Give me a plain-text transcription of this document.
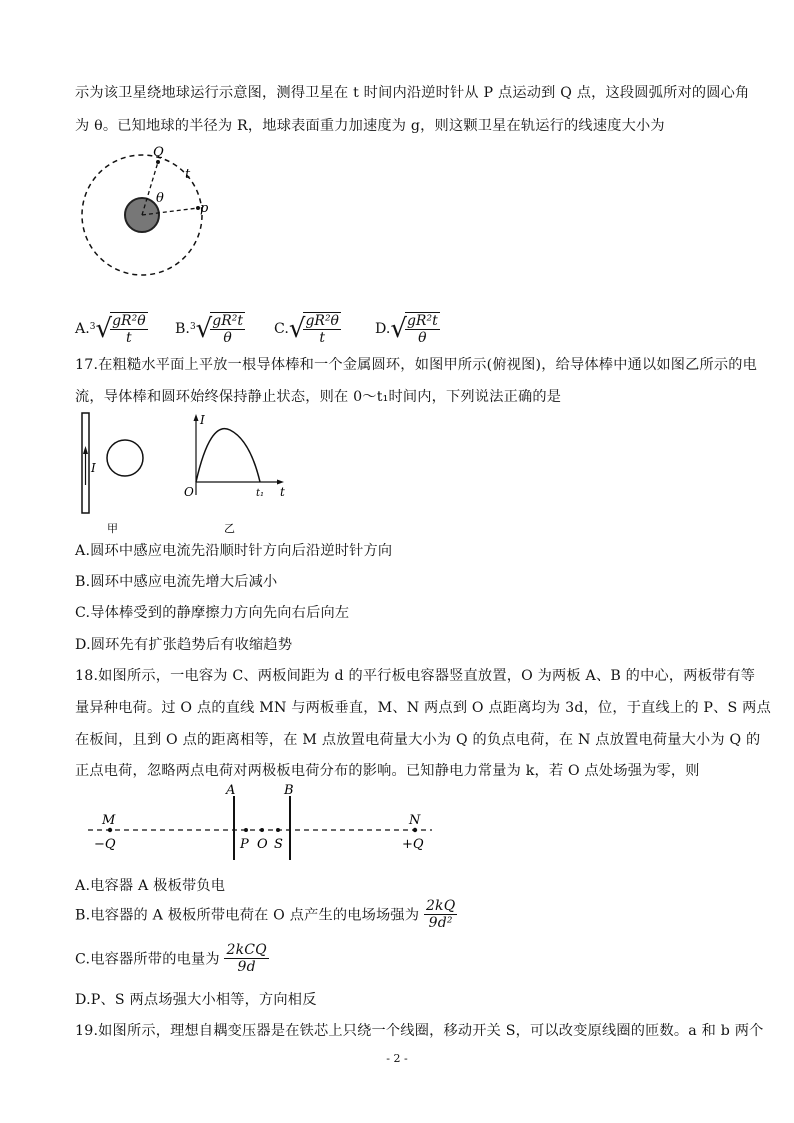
示为该卫星绕地球运行示意图，测得卫星在 t 时间内沿逆时针从 P 点运动到 Q 点，这段圆弧所对的圆心角
为 θ。已知地球的半径为 R，地球表面重力加速度为 g，则这颗卫星在轨运行的线速度大小为
Q
t
θ
p
A.$^3$√
$\frac{\text{gR²θ}}{t} B.^3√$
$\frac{\text{gR²t}}{\theta} C.√$
$\frac{\text{gR²θ}}{t} D.√$
$\frac{\text{gR²t}}{\theta}$
17.在粗糙水平面上平放一根导体棒和一个金属圆环，如图甲所示(俯视图)，给导体棒中通以如图乙所示的电
流，导体棒和圆环始终保持静止状态，则在 0～t₁时间内，下列说法正确的是
I
甲
I
t
O	t₁
乙
A.圆环中感应电流先沿顺时针方向后沿逆时针方向
B.圆环中感应电流先增大后减小
C.导体棒受到的静摩擦力方向先向右后向左
D.圆环先有扩张趋势后有收缩趋势
18.如图所示，一电容为 C、两板间距为 d 的平行板电容器竖直放置，O 为两板 A、B 的中心，两板带有等
量异种电荷。过 O 点的直线 MN 与两板垂直，M、N 两点到 O 点距离均为 3d，位，于直线上的 P、S 两点
在板间，且到 O 点的距离相等，在 M 点放置电荷量大小为 Q 的负点电荷，在 N 点放置电荷量大小为 Q 的
正点电荷，忽略两点电荷对两极板电荷分布的影响。已知静电力常量为 k，若 O 点处场强为零，则
A	B
M	N
−Q	+Q
P O S
A.电容器 A 极板带负电
B.电容器的 A 极板所带电荷在 O 点产生的电场场强为 $\frac{2kQ}{\text{9d²}}$
C.电容器所带的电量为 $\frac{\text{2kCQ}}{9d}$
D.P、S 两点场强大小相等，方向相反
19.如图所示，理想自耦变压器是在铁芯上只绕一个线圈，移动开关 S，可以改变原线圈的匝数。a 和 b 两个
- 2 -
